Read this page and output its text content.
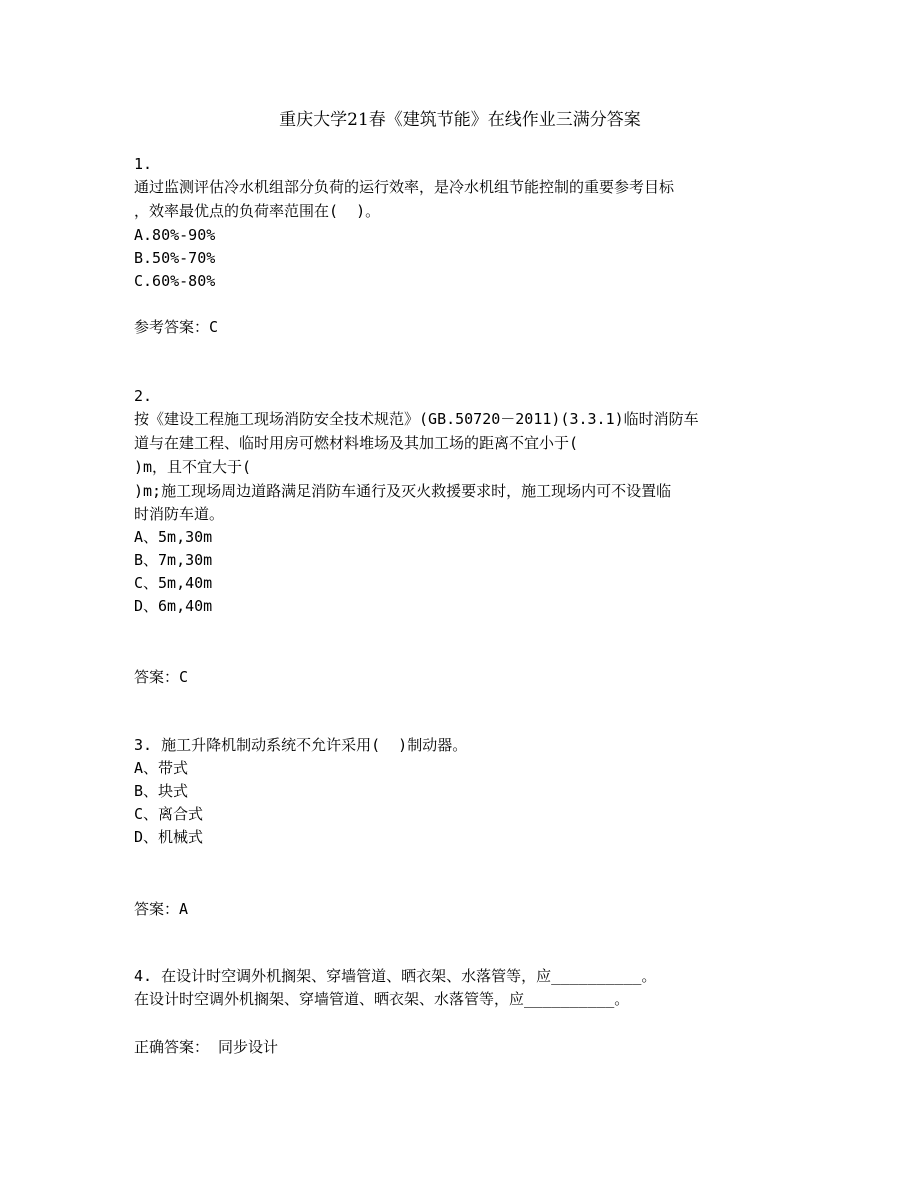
重庆大学21春《建筑节能》在线作业三满分答案
1.
通过监测评估冷水机组部分负荷的运行效率，是冷水机组节能控制的重要参考目标
，效率最优点的负荷率范围在(  )。
A.80%-90%
B.50%-70%
C.60%-80%
参考答案：C
2.
按《建设工程施工现场消防安全技术规范》(GB.50720－2011)(3.3.1)临时消防车
道与在建工程、临时用房可燃材料堆场及其加工场的距离不宜小于(
)m，且不宜大于(
)m;施工现场周边道路满足消防车通行及灭火救援要求时，施工现场内可不设置临
时消防车道。
A、5m,30m
B、7m,30m
C、5m,40m
D、6m,40m
答案：C
3. 施工升降机制动系统不允许采用(  )制动器。
A、带式
B、块式
C、离合式
D、机械式
答案：A
4. 在设计时空调外机搁架、穿墙管道、晒衣架、水落管等，应__________。
在设计时空调外机搁架、穿墙管道、晒衣架、水落管等，应__________。
正确答案： 同步设计
